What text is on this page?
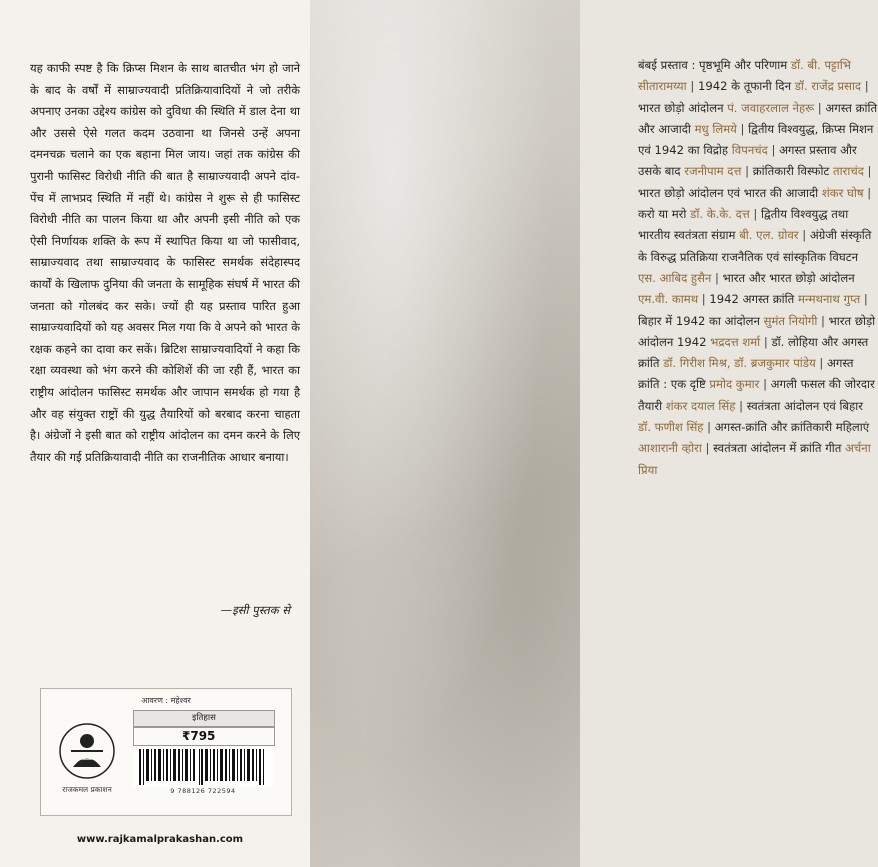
यह काफी स्पष्ट है कि क्रिप्स मिशन के साथ बातचीत भंग हो जाने के बाद के वर्षों में साम्राज्यवादी प्रतिक्रियावादियों ने जो तरीके अपनाए उनका उद्देश्य कांग्रेस को दुविधा की स्थिति में डाल देना था और उससे ऐसे गलत कदम उठवाना था जिनसे उन्हें अपना दमनचक्र चलाने का एक बहाना मिल जाय। जहां तक कांग्रेस की पुरानी फासिस्ट विरोधी नीति की बात है साम्राज्यवादी अपने दांव-पेंच में लाभप्रद स्थिति में नहीं थे। कांग्रेस ने शुरू से ही फासिस्ट विरोधी नीति का पालन किया था और अपनी इसी नीति को एक ऐसी निर्णायक शक्ति के रूप में स्थापित किया था जो फासीवाद, साम्राज्यवाद तथा साम्राज्यवाद के फासिस्ट समर्थक संदेहास्पद कार्यों के खिलाफ दुनिया की जनता के सामूहिक संघर्ष में भारत की जनता को गोलबंद कर सके। ज्यों ही यह प्रस्ताव पारित हुआ साम्राज्यवादियों को यह अवसर मिल गया कि वे अपने को भारत के रक्षक कहने का दावा कर सकें। ब्रिटिश साम्राज्यवादियों ने कहा कि रक्षा व्यवस्था को भंग करने की कोशिशें की जा रही हैं, भारत का राष्ट्रीय आंदोलन फासिस्ट समर्थक और जापान समर्थक हो गया है और वह संयुक्त राष्ट्रों की युद्ध तैयारियों को बरबाद करना चाहता है। अंग्रेजों ने इसी बात को राष्ट्रीय आंदोलन का दमन करने के लिए तैयार की गई प्रतिक्रियावादी नीति का राजनीतिक आधार बनाया।
—इसी पुस्तक से
आवरण : महेश्वर
राजकमल प्रकाशन
इतिहास
₹795
9 788126 722594
www.rajkamalprakashan.com
बंबई प्रस्ताव : पृष्ठभूमि और परिणाम डॉ. बी. पट्टाभि सीतारामय्या | 1942 के तूफानी दिन डॉ. राजेंद्र प्रसाद | भारत छोड़ो आंदोलन पं. जवाहरलाल नेहरू | अगस्त क्रांति और आजादी मधु लिमये | द्वितीय विश्वयुद्ध, क्रिप्स मिशन एवं 1942 का विद्रोह विपनचंद | अगस्त प्रस्ताव और उसके बाद रजनीपाम दत्त | क्रांतिकारी विस्फोट ताराचंद | भारत छोड़ो आंदोलन एवं भारत की आजादी शंकर घोष | करो या मरो डॉ. के.के. दत्त | द्वितीय विश्वयुद्ध तथा भारतीय स्वतंत्रता संग्राम बी. एल. ग्रोवर | अंग्रेजी संस्कृति के विरुद्ध प्रतिक्रिया राजनैतिक एवं सांस्कृतिक विघटन एस. आबिद हुसैन | भारत और भारत छोड़ो आंदोलन एम.वी. कामथ | 1942 अगस्त क्रांति मन्मथनाथ गुप्त | बिहार में 1942 का आंदोलन सुमंत नियोगी | भारत छोड़ो आंदोलन 1942 भद्रदत्त शर्मा | डॉ. लोहिया और अगस्त क्रांति डॉ. गिरीश मिश्र, डॉ. ब्रजकुमार पांडेय | अगस्त क्रांति : एक दृष्टि प्रमोद कुमार | अगली फसल की जोरदार तैयारी शंकर दयाल सिंह | स्वतंत्रता आंदोलन एवं बिहार डॉ. फणीश सिंह | अगस्त-क्रांति और क्रांतिकारी महिलाएं आशारानी व्होरा | स्वतंत्रता आंदोलन में क्रांति गीत अर्चना प्रिया
